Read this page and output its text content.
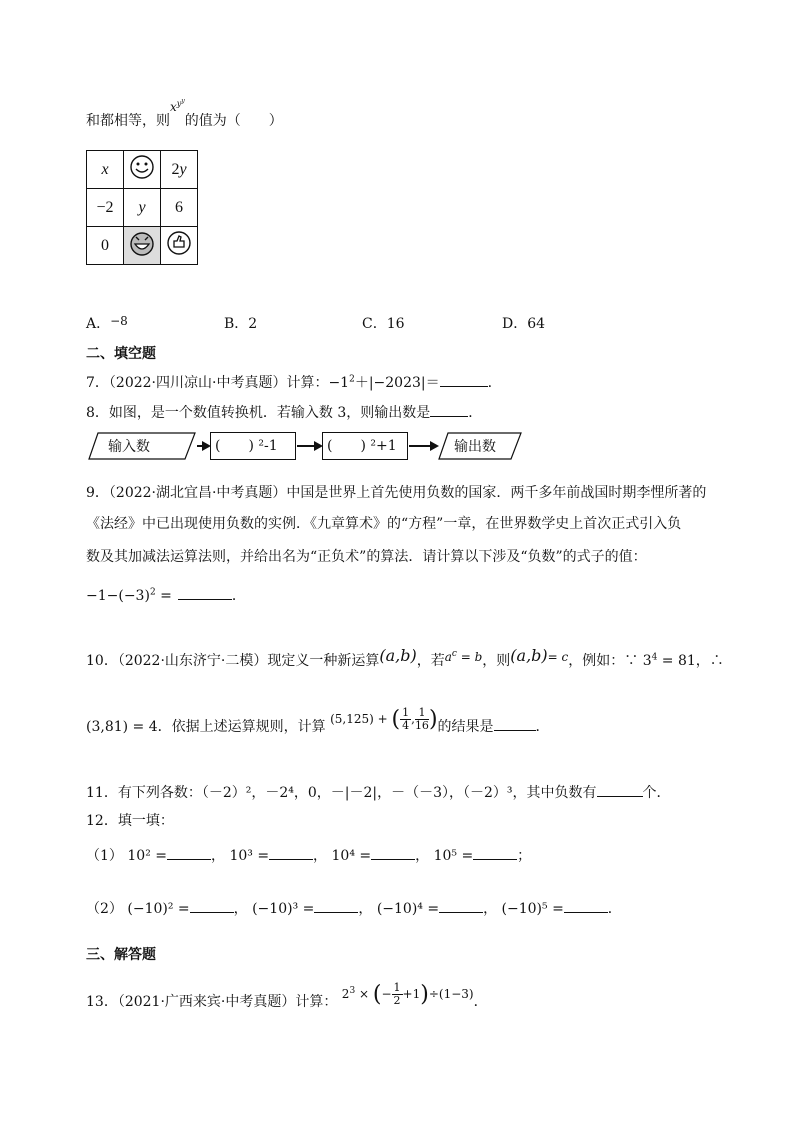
和都相等，则$x^{y^y}$的值为（　　）
x		2y
−2	y	6
0		
A．−8	B．2	C．16	D．64
二、填空题
7．（2022·四川凉山·中考真题）计算：$-1^2+|-2023|=$	.
8．如图，是一个数值转换机．若输入数 3，则输出数是	．
输入数	(　　) ²-1	(　　) ²+1	输出数
9．（2022·湖北宜昌·中考真题）中国是世界上首先使用负数的国家．两千多年前战国时期李悝所著的
《法经》中已出现使用负数的实例．《九章算术》的“方程”一章，在世界数学史上首次正式引入负
数及其加减法运算法则，并给出名为“正负术”的算法．请计算以下涉及“负数”的式子的值：
$-1-(-3)^2$ =	．
10．（2022·山东济宁·二模）现定义一种新运算(a,b)，若$a^c = b$，则(a,b)= c，例如：∵ $3^4 = 81$，∴
(3,81) = 4．依据上述运算规则，计算 (5,125) + ( $\frac{1}{4}$ , $\frac{1}{16}$ )的结果是	．
11．有下列各数：（－2）²，－2⁴，0，－|－2|，－（－3），（－2）³，其中负数有	个．
12．填一填：
（1） 10² =	， 10³ =	， 10⁴ =	， 10⁵ =	；
（2） (−10)² =	， (−10)³ =	， (−10)⁴ =	， (−10)⁵ =	．
三、解答题
13．（2021·广西来宾·中考真题）计算： $2^3$ × (− $\frac{1}{2} +1)\div(1-3)$．
